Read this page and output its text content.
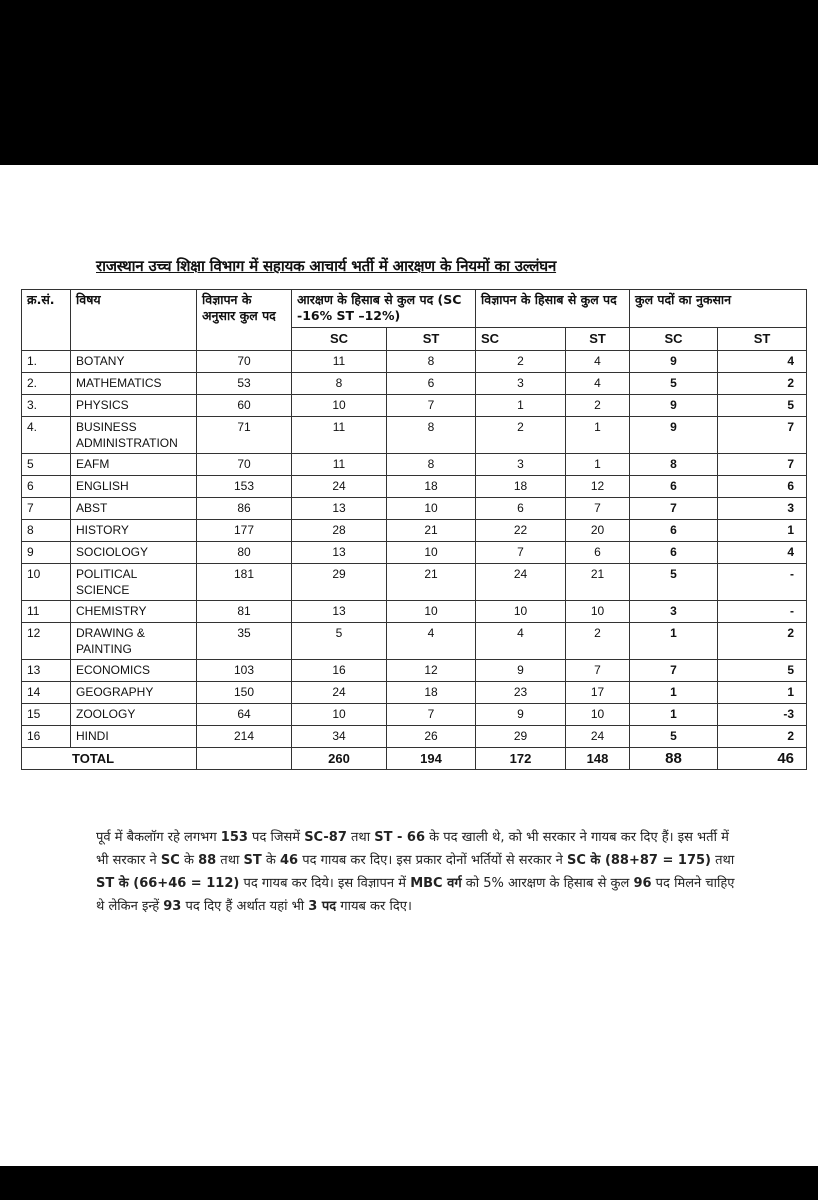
राजस्थान उच्च शिक्षा विभाग में सहायक आचार्य भर्ती में आरक्षण के नियमों का उल्लंघन
क्र.सं.	विषय	विज्ञापन के अनुसार कुल पद	आरक्षण के हिसाब से कुल पद (SC -16% ST –12%)		विज्ञापन के हिसाब से कुल पद		कुल पदों का नुकसान	
			SC	ST	SC	ST	SC	ST
1.	BOTANY	70	11	8	2	4	9	4
2.	MATHEMATICS	53	8	6	3	4	5	2
3.	PHYSICS	60	10	7	1	2	9	5
4.	BUSINESS ADMINISTRATION	71	11	8	2	1	9	7
5	EAFM	70	11	8	3	1	8	7
6	ENGLISH	153	24	18	18	12	6	6
7	ABST	86	13	10	6	7	7	3
8	HISTORY	177	28	21	22	20	6	1
9	SOCIOLOGY	80	13	10	7	6	6	4
10	POLITICAL SCIENCE	181	29	21	24	21	5	-
11	CHEMISTRY	81	13	10	10	10	3	-
12	DRAWING & PAINTING	35	5	4	4	2	1	2
13	ECONOMICS	103	16	12	9	7	7	5
14	GEOGRAPHY	150	24	18	23	17	1	1
15	ZOOLOGY	64	10	7	9	10	1	-3
16	HINDI	214	34	26	29	24	5	2
TOTAL			260	194	172	148	88	46
पूर्व में बैकलॉग रहे लगभग 153 पद जिसमें SC-87 तथा ST - 66 के पद खाली थे, को भी सरकार ने गायब कर दिए हैं। इस भर्ती में भी सरकार ने SC के 88 तथा ST के 46 पद गायब कर दिए। इस प्रकार दोनों भर्तियों से सरकार ने SC के (88+87 = 175) तथा ST के (66+46 = 112) पद गायब कर दिये। इस विज्ञापन में MBC वर्ग को 5% आरक्षण के हिसाब से कुल 96 पद मिलने चाहिए थे लेकिन इन्हें 93 पद दिए हैं अर्थात यहां भी 3 पद गायब कर दिए।
